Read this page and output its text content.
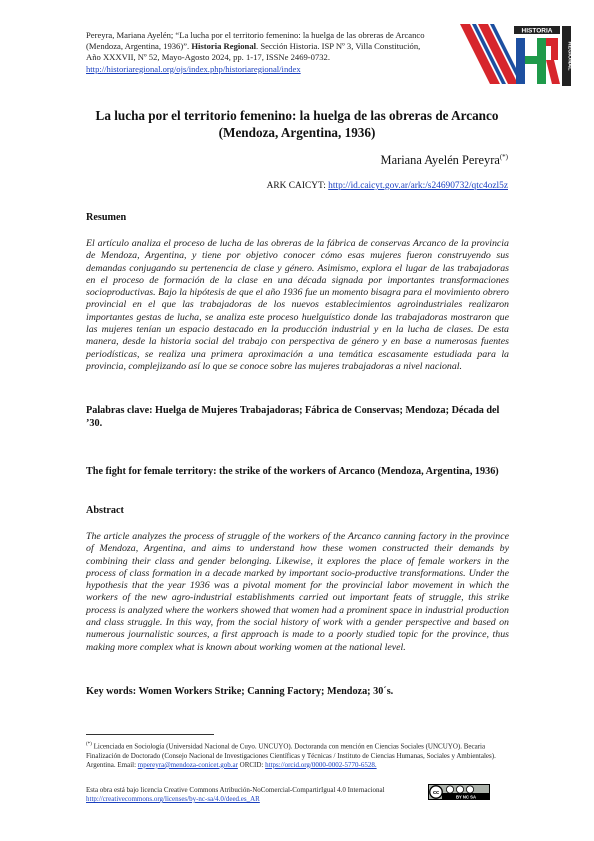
Pereyra, Mariana Ayelén; “La lucha por el territorio femenino: la huelga de las obreras de Arcanco (Mendoza, Argentina, 1936)”. Historia Regional. Sección Historia. ISP Nº 3, Villa Constitución, Año XXXVII, Nº 52, Mayo-Agosto 2024, pp. 1-17, ISSNe 2469-0732. http://historiaregional.org/ojs/index.php/historiaregional/index
HISTORIA
REGIONAL
La lucha por el territorio femenino: la huelga de las obreras de Arcanco (Mendoza, Argentina, 1936)
Mariana Ayelén Pereyra(*)
ARK CAICYT: http://id.caicyt.gov.ar/ark:/s24690732/qtc4ozl5z
Resumen
El artículo analiza el proceso de lucha de las obreras de la fábrica de conservas Arcanco de la provincia de Mendoza, Argentina, y tiene por objetivo conocer cómo esas mujeres fueron construyendo sus demandas conjugando su pertenencia de clase y género. Asimismo, explora el lugar de las trabajadoras en el proceso de formación de la clase en una década signada por importantes transformaciones socioproductivas. Bajo la hipótesis de que el año 1936 fue un momento bisagra para el movimiento obrero provincial en el que las trabajadoras de los nuevos establecimientos agroindustriales realizaron importantes gestas de lucha, se analiza este proceso huelguístico donde las trabajadoras mostraron que las mujeres tenían un espacio destacado en la producción industrial y en la lucha de clases. De esta manera, desde la historia social del trabajo con perspectiva de género y en base a numerosas fuentes periodísticas, se realiza una primera aproximación a una temática escasamente estudiada para la provincia, complejizando así lo que se conoce sobre las mujeres trabajadoras a nivel nacional.
Palabras clave: Huelga de Mujeres Trabajadoras; Fábrica de Conservas; Mendoza; Década del ’30.
The fight for female territory: the strike of the workers of Arcanco (Mendoza, Argentina, 1936)
Abstract
The article analyzes the process of struggle of the workers of the Arcanco canning factory in the province of Mendoza, Argentina, and aims to understand how these women constructed their demands by combining their class and gender belonging. Likewise, it explores the place of female workers in the process of class formation in a decade marked by important socio-productive transformations. Under the hypothesis that the year 1936 was a pivotal moment for the provincial labor movement in which the workers of the new agro-industrial establishments carried out important feats of struggle, this strike process is analyzed where the workers showed that women had a prominent space in industrial production and class struggle. In this way, from the social history of work with a gender perspective and based on numerous journalistic sources, a first approach is made to a poorly studied topic for the province, thus making more complex what is known about working women at the national level.
Key words: Women Workers Strike; Canning Factory; Mendoza; 30´s.
(*) Licenciada en Sociología (Universidad Nacional de Cuyo. UNCUYO). Doctoranda con mención en Ciencias Sociales (UNCUYO). Becaria Finalización de Doctorado (Consejo Nacional de Investigaciones Científicas y Técnicas / Instituto de Ciencias Humanas, Sociales y Ambientales). Argentina. Email: mpereyra@mendoza-conicet.gob.ar ORCID: https://orcid.org/0000-0002-5770-6528.
Esta obra está bajo licencia Creative Commons Atribución-NoComercial-CompartirIgual 4.0 Internacional
http://creativecommons.org/licenses/by-nc-sa/4.0/deed.es_AR
cc
BY NC SA
